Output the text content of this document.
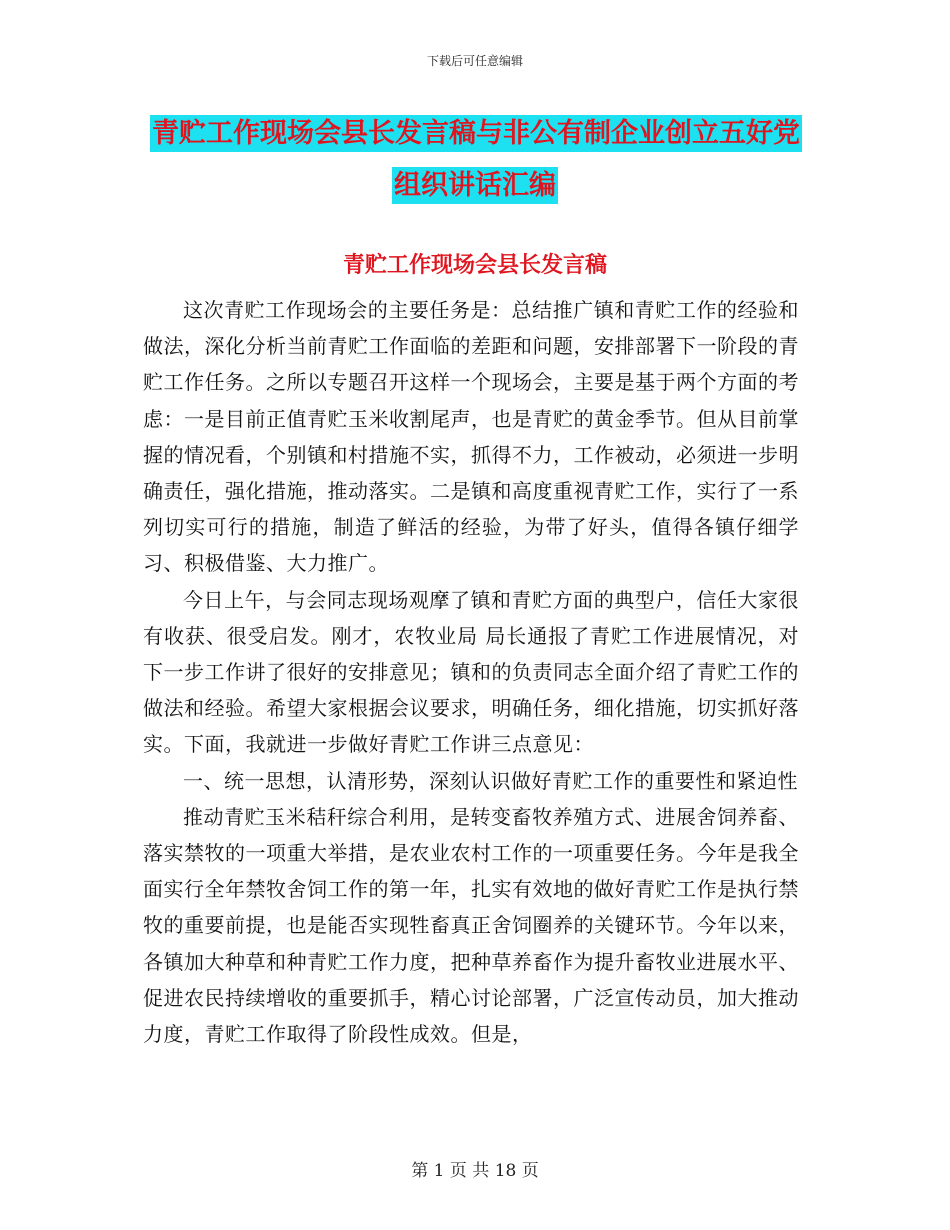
下载后可任意编辑
青贮工作现场会县长发言稿与非公有制企业创立五好党组织讲话汇编
青贮工作现场会县长发言稿

这次青贮工作现场会的主要任务是：总结推广镇和青贮工作的经验和做法，深化分析当前青贮工作面临的差距和问题，安排部署下一阶段的青贮工作任务。之所以专题召开这样一个现场会，主要是基于两个方面的考虑：一是目前正值青贮玉米收割尾声，也是青贮的黄金季节。但从目前掌握的情况看，个别镇和村措施不实，抓得不力，工作被动，必须进一步明确责任，强化措施，推动落实。二是镇和高度重视青贮工作，实行了一系列切实可行的措施，制造了鲜活的经验，为带了好头，值得各镇仔细学习、积极借鉴、大力推广。

今日上午，与会同志现场观摩了镇和青贮方面的典型户，信任大家很有收获、很受启发。刚才，农牧业局 局长通报了青贮工作进展情况，对下一步工作讲了很好的安排意见；镇和的负责同志全面介绍了青贮工作的做法和经验。希望大家根据会议要求，明确任务，细化措施，切实抓好落实。下面，我就进一步做好青贮工作讲三点意见：

一、统一思想，认清形势，深刻认识做好青贮工作的重要性和紧迫性

推动青贮玉米秸秆综合利用，是转变畜牧养殖方式、进展舍饲养畜、落实禁牧的一项重大举措，是农业农村工作的一项重要任务。今年是我全面实行全年禁牧舍饲工作的第一年，扎实有效地的做好青贮工作是执行禁牧的重要前提，也是能否实现牲畜真正舍饲圈养的关键环节。今年以来，各镇加大种草和种青贮工作力度，把种草养畜作为提升畜牧业进展水平、促进农民持续增收的重要抓手，精心讨论部署，广泛宣传动员，加大推动力度，青贮工作取得了阶段性成效。但是，

第 1 页 共 18 页
